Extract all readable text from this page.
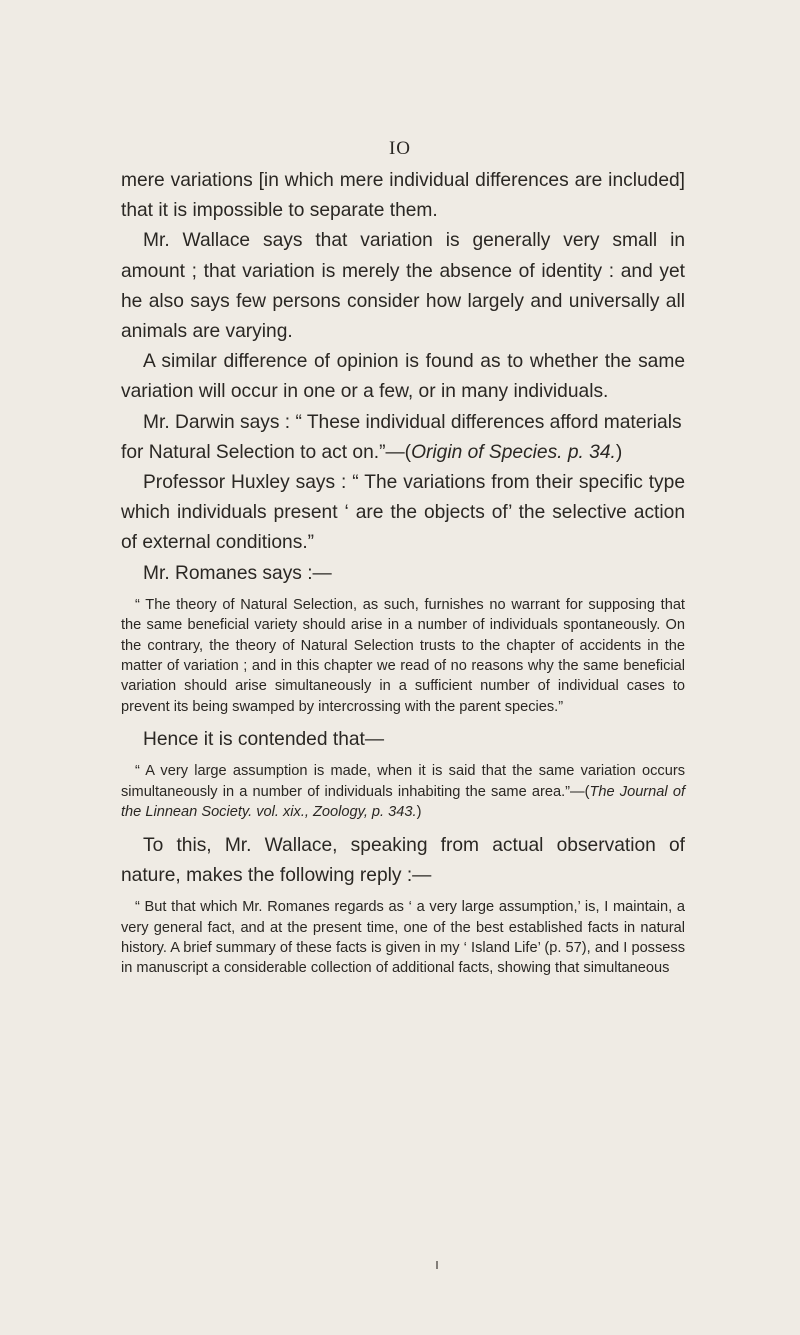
IO

mere variations [in which mere individual differences are included] that it is impossible to separate them.

Mr. Wallace says that variation is generally very small in amount ; that variation is merely the absence of identity : and yet he also says few persons consider how largely and universally all animals are varying.

A similar difference of opinion is found as to whether the same variation will occur in one or a few, or in many individuals.

Mr. Darwin says : “ These individual differences afford materials for Natural Selection to act on.”—(Origin of Species. p. 34.)

Professor Huxley says : “ The variations from their specific type which individuals present ‘ are the objects of’ the selective action of external conditions.”

Mr. Romanes says :—

“ The theory of Natural Selection, as such, furnishes no warrant for supposing that the same beneficial variety should arise in a number of individuals spontaneously. On the contrary, the theory of Natural Selection trusts to the chapter of accidents in the matter of variation ; and in this chapter we read of no reasons why the same beneficial variation should arise simultaneously in a sufficient number of individual cases to prevent its being swamped by intercrossing with the parent species.”

Hence it is contended that—

“ A very large assumption is made, when it is said that the same variation occurs simultaneously in a number of individuals inhabiting the same area.”—(The Journal of the Linnean Society. vol. xix., Zoology, p. 343.)

To this, Mr. Wallace, speaking from actual observation of nature, makes the following reply :—

“ But that which Mr. Romanes regards as ‘ a very large assumption,’ is, I maintain, a very general fact, and at the present time, one of the best established facts in natural history. A brief summary of these facts is given in my ‘ Island Life’ (p. 57), and I possess in manuscript a considerable collection of additional facts, showing that simultaneous
